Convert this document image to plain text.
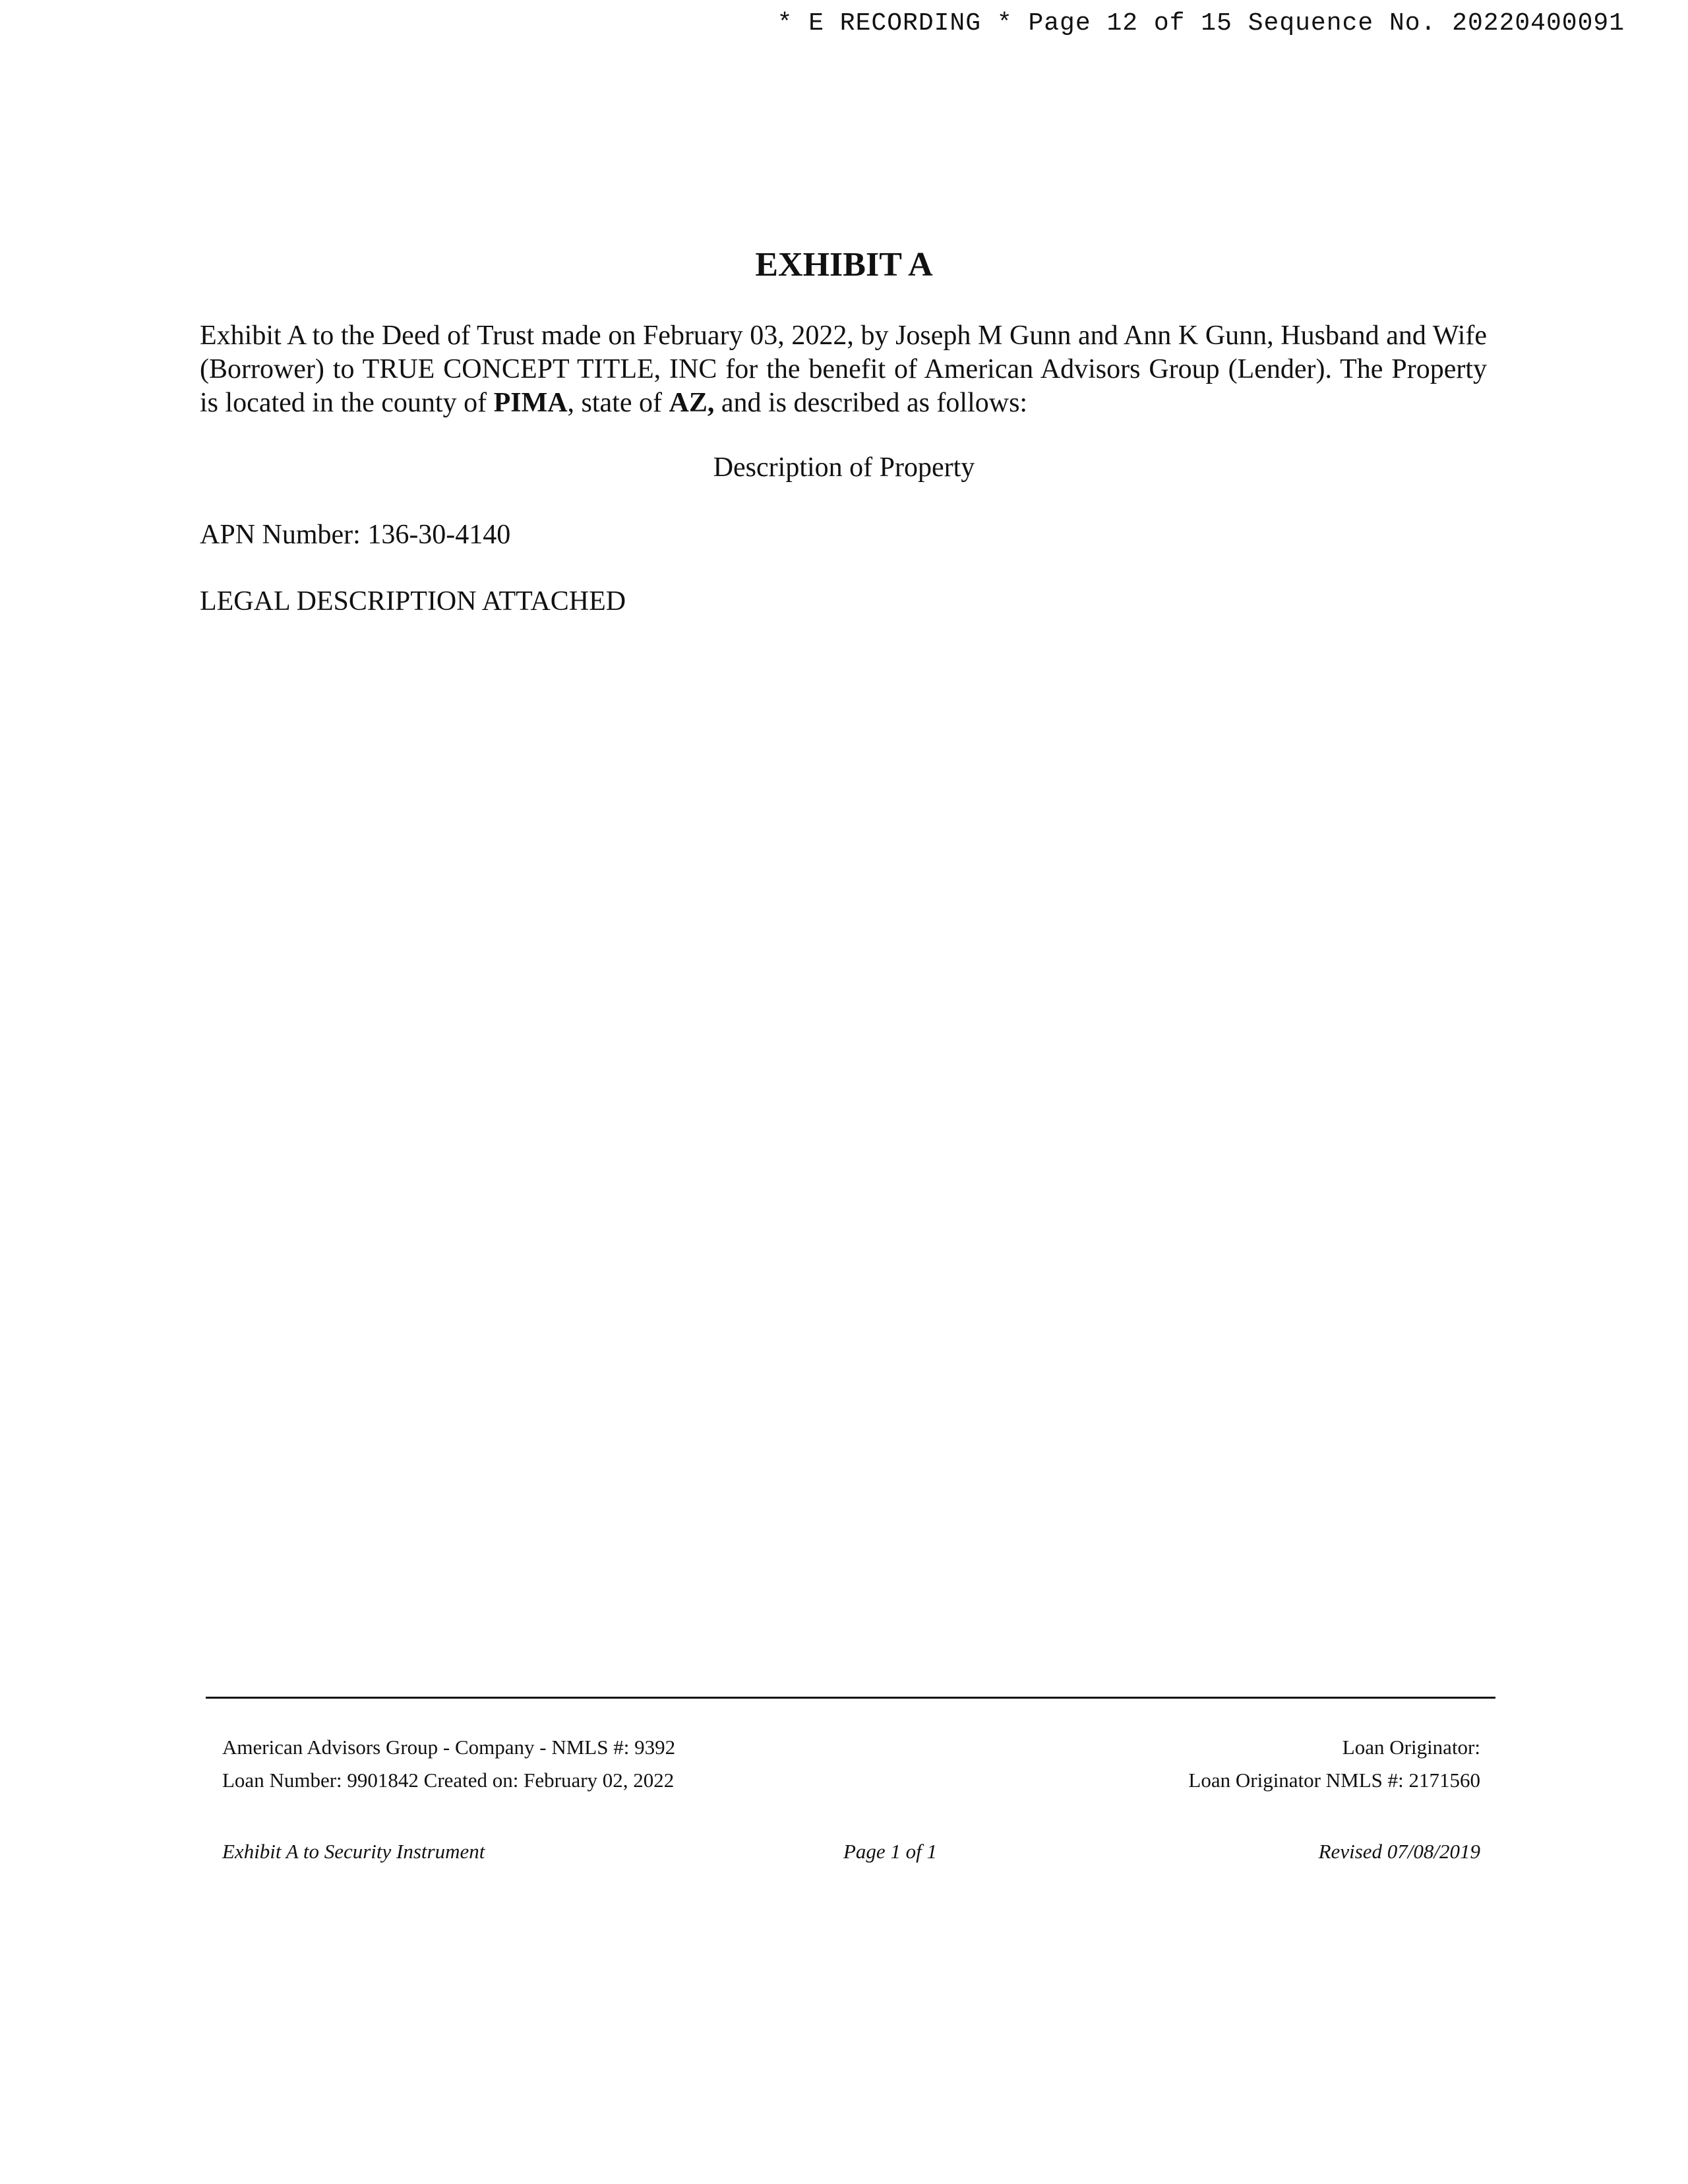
* E RECORDING * Page 12 of 15 Sequence No. 20220400091
EXHIBIT A

Exhibit A to the Deed of Trust made on February 03, 2022, by Joseph M Gunn and Ann K Gunn, Husband and Wife (Borrower) to TRUE CONCEPT TITLE, INC for the benefit of American Advisors Group (Lender). The Property is located in the county of PIMA, state of AZ, and is described as follows:

Description of Property
APN Number: 136-30-4140
LEGAL DESCRIPTION ATTACHED
American Advisors Group - Company - NMLS #: 9392
Loan Number: 9901842 Created on: February 02, 2022
Loan Originator:
Loan Originator NMLS #: 2171560
Exhibit A to Security Instrument	Page 1 of 1	Revised 07/08/2019
